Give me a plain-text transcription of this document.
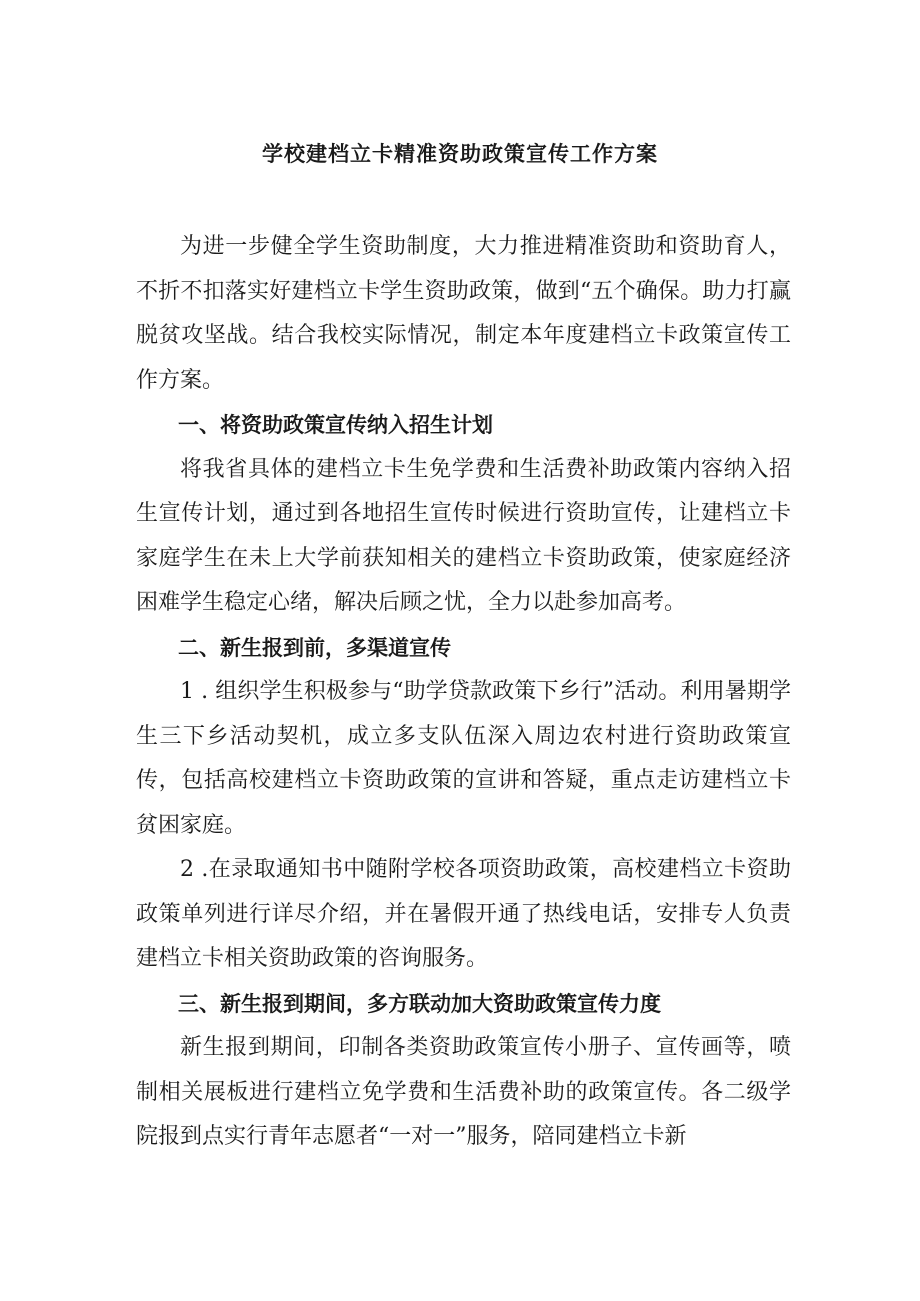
学校建档立卡精准资助政策宣传工作方案

为进一步健全学生资助制度，大力推进精准资助和资助育人，不折不扣落实好建档立卡学生资助政策，做到“五个确保。助力打赢脱贫攻坚战。结合我校实际情况，制定本年度建档立卡政策宣传工作方案。

一、将资助政策宣传纳入招生计划

将我省具体的建档立卡生免学费和生活费补助政策内容纳入招生宣传计划，通过到各地招生宣传时候进行资助宣传，让建档立卡家庭学生在未上大学前获知相关的建档立卡资助政策，使家庭经济困难学生稳定心绪，解决后顾之忧，全力以赴参加高考。

二、新生报到前，多渠道宣传

1 . 组织学生积极参与“助学贷款政策下乡行”活动。利用暑期学生三下乡活动契机，成立多支队伍深入周边农村进行资助政策宣传，包括高校建档立卡资助政策的宣讲和答疑，重点走访建档立卡贫困家庭。

2 .在录取通知书中随附学校各项资助政策，高校建档立卡资助政策单列进行详尽介绍，并在暑假开通了热线电话，安排专人负责建档立卡相关资助政策的咨询服务。

三、新生报到期间，多方联动加大资助政策宣传力度

新生报到期间，印制各类资助政策宣传小册子、宣传画等，喷制相关展板进行建档立免学费和生活费补助的政策宣传。各二级学院报到点实行青年志愿者“一对一”服务，陪同建档立卡新
